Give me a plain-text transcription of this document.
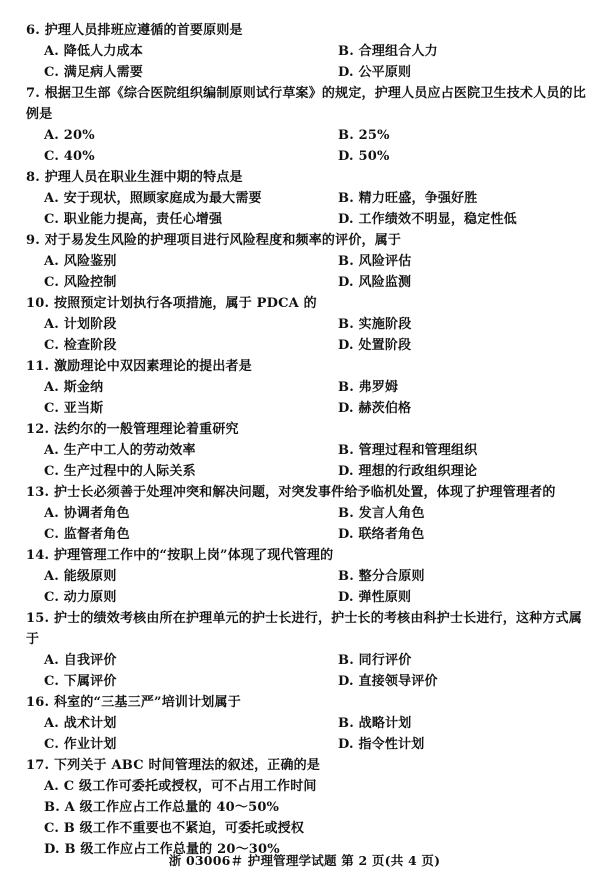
6. 护理人员排班应遵循的首要原则是
A. 降低人力成本	B. 合理组合人力
C. 满足病人需要	D. 公平原则
7. 根据卫生部《综合医院组织编制原则试行草案》的规定，护理人员应占医院卫生技术人员的比例是
A. 20%	B. 25%
C. 40%	D. 50%
8. 护理人员在职业生涯中期的特点是
A. 安于现状，照顾家庭成为最大需要	B. 精力旺盛，争强好胜
C. 职业能力提高，责任心增强	D. 工作绩效不明显，稳定性低
9. 对于易发生风险的护理项目进行风险程度和频率的评价，属于
A. 风险鉴别	B. 风险评估
C. 风险控制	D. 风险监测
10. 按照预定计划执行各项措施，属于 PDCA 的
A. 计划阶段	B. 实施阶段
C. 检查阶段	D. 处置阶段
11. 激励理论中双因素理论的提出者是
A. 斯金纳	B. 弗罗姆
C. 亚当斯	D. 赫茨伯格
12. 法约尔的一般管理理论着重研究
A. 生产中工人的劳动效率	B. 管理过程和管理组织
C. 生产过程中的人际关系	D. 理想的行政组织理论
13. 护士长必须善于处理冲突和解决问题，对突发事件给予临机处置，体现了护理管理者的
A. 协调者角色	B. 发言人角色
C. 监督者角色	D. 联络者角色
14. 护理管理工作中的“按职上岗”体现了现代管理的
A. 能级原则	B. 整分合原则
C. 动力原则	D. 弹性原则
15. 护士的绩效考核由所在护理单元的护士长进行，护士长的考核由科护士长进行，这种方式属于
A. 自我评价	B. 同行评价
C. 下属评价	D. 直接领导评价
16. 科室的“三基三严”培训计划属于
A. 战术计划	B. 战略计划
C. 作业计划	D. 指令性计划
17. 下列关于 ABC 时间管理法的叙述，正确的是
A. C 级工作可委托或授权，可不占用工作时间
B. A 级工作应占工作总量的 40～50%
C. B 级工作不重要也不紧迫，可委托或授权
D. B 级工作应占工作总量的 20～30%
浙 03006＃ 护理管理学试题 第 2 页(共 4 页)
